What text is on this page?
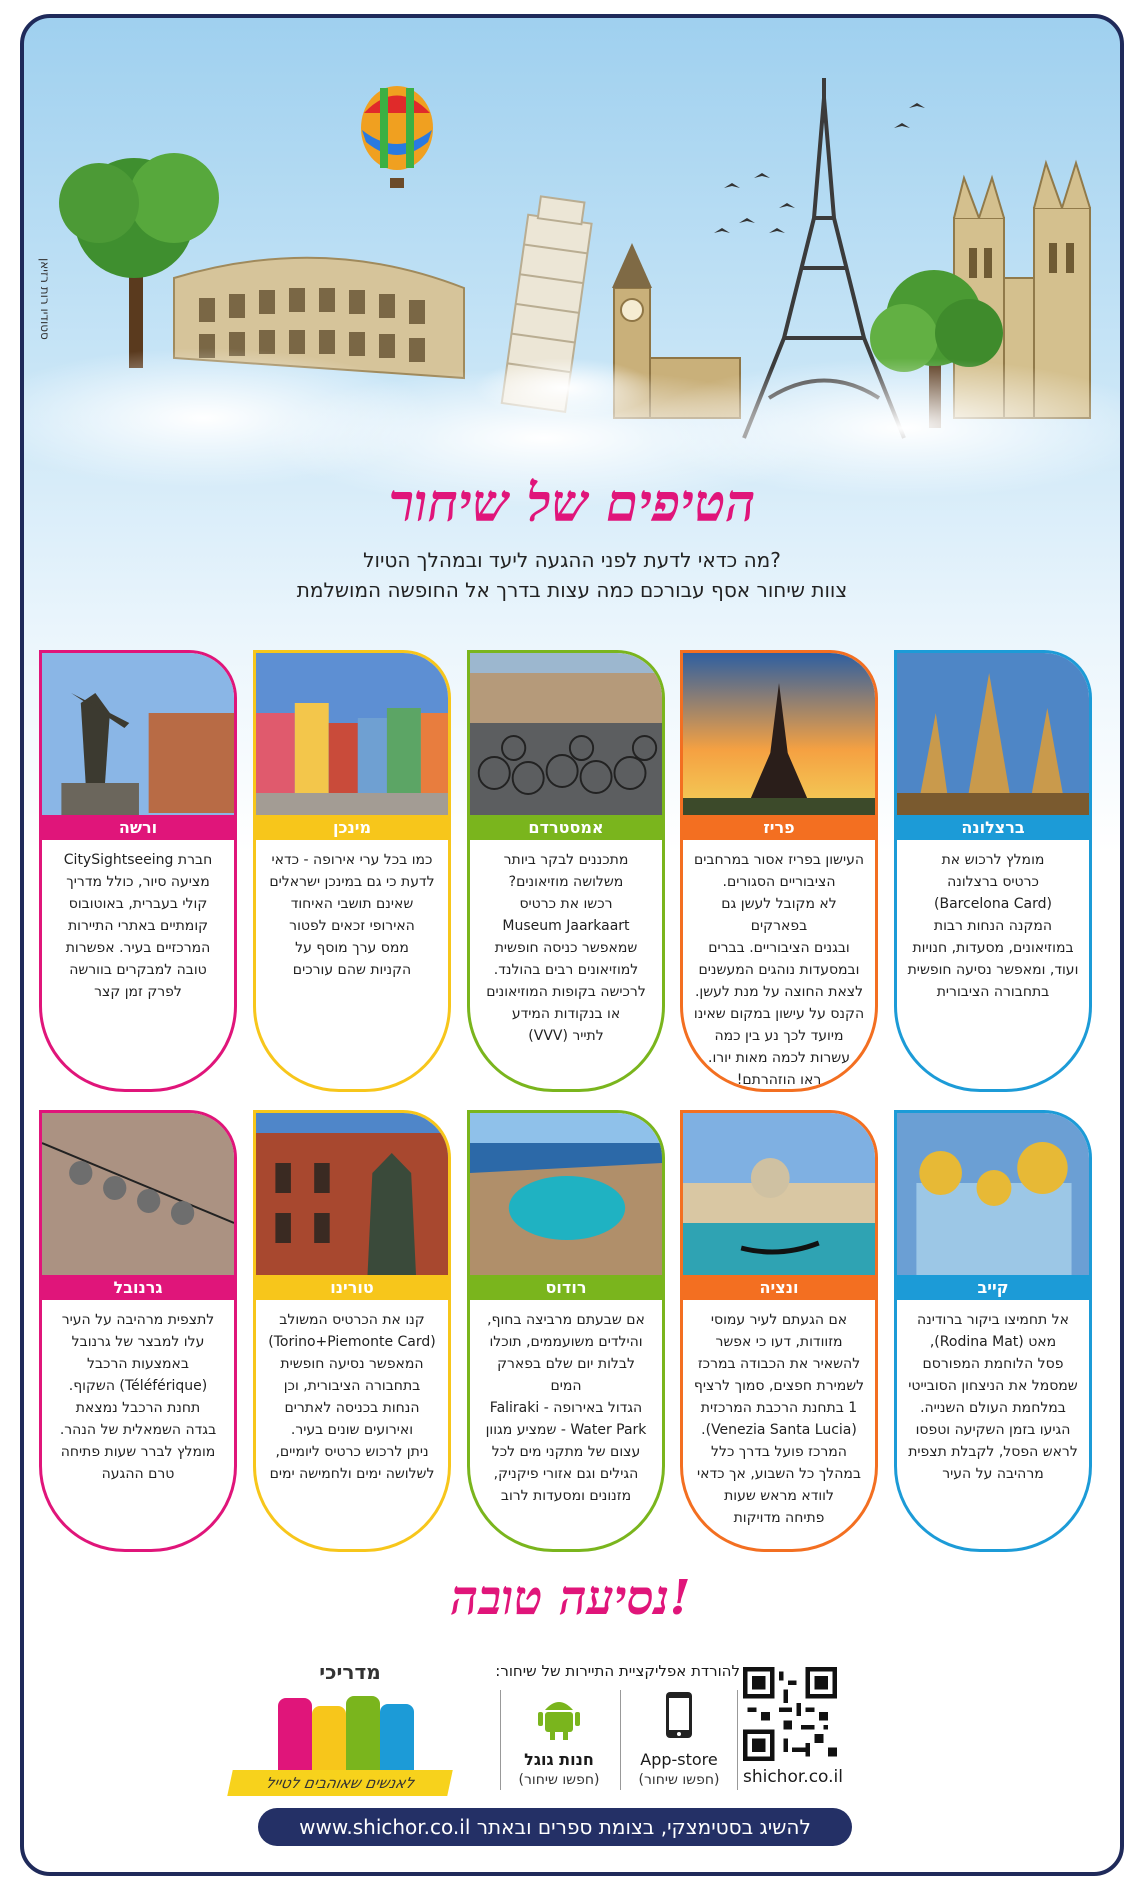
סטודיו רות רזיאן
הטיפים של שיחור
מה כדאי לדעת לפני ההגעה ליעד ובמהלך הטיול?
צוות שיחור אסף עבורכם כמה עצות בדרך אל החופשה המושלמת
ברצלונה
מומלץ לרכוש את
כרטיס ברצלונה
(Barcelona Card)
המקנה הנחות רבות
במוזיאונים, מסעדות, חנויות
ועוד, ומאפשר נסיעה חופשית
בתחבורה הציבורית
פריז
העישון בפריז אסור במרחבים
הציבוריים הסגורים.
לא מקובל לעשן גם בפארקים
ובגנים הציבוריים. בברים
ובמסעדות נוהגים המעשנים
לצאת החוצה על מנת לעשן.
הקנס על עישון במקום שאינו
מיועד לכך נע בין כמה
עשרות לכמה מאות יורו.
ראו הוזהרתם!
אמסטרדם
מתכננים לבקר ביותר
משלושה מוזיאונים?
רכשו את כרטיס
Museum Jaarkaart
שמאפשר כניסה חופשית
למוזיאונים רבים בהולנד.
לרכישה בקופות המוזיאונים
או בנקודות המידע
לתייר (VVV)
מינכן
כמו בכל ערי אירופה - כדאי
לדעת כי גם במינכן ישראלים
שאינם תושבי האיחוד
האירופי זכאים לפטור
ממס ערך מוסף על
הקניות שהם עורכים
ורשה
חברת CitySightseeing
מציעה סיור, כולל מדריך
קולי בעברית, באוטובוס
קומתיים באתרי התיירות
המרכזיים בעיר. אפשרות
טובה למבקרים בוורשה
לפרק זמן קצר
קייב
אל תחמיצו ביקור ברודינה
מאט (Rodina Mat),
פסל הלוחמת המפורסם
שמסמל את הניצחון הסובייטי
במלחמת העולם השנייה.
הגיעו בזמן השקיעה וטפסו
לראש הפסל, לקבלת תצפית
מרהיבה על העיר
ונציה
אם הגעתם לעיר עמוסי
מזוודות, דעו כי אפשר
להשאיר את הכבודה במרכז
לשמירת חפצים, סמוך לרציף
1 בתחנת הרכבת המרכזית
(Venezia Santa Lucia).
המרכז פועל בדרך כלל
במהלך כל השבוע, אך כדאי
לוודא מראש שעות
פתיחה מדויקות
רודוס
אם שבעתם מרביצה בחוף,
והילדים משועממים, תוכלו
לבלות יום שלם בפארק המים
הגדול באירופה - Faliraki
Water Park - שמציע מגוון
עצום של מתקני מים לכל
הגילים וגם אזורי פיקניק,
מזנונים ומסעדות לרוב
טורינו
קנו את הכרטיס המשולב
(Torino+Piemonte Card)
המאפשר נסיעה חופשית
בתחבורה הציבורית, וכן
הנחות בכניסה לאתרים
ואירועים שונים בעיר.
ניתן לרכוש כרטיס ליומיים,
לשלושה ימים ולחמישה ימים
גרנובל
לתצפית מרהיבה על העיר
עלו למבצר של גרנובל
באמצעות הרכבל
(Téléférique) השקוף.
תחנת הרכבל נמצאת
בגדה השמאלית של הנהר.
מומלץ לברר שעות פתיחה
טרם ההגעה
נסיעה טובה!
להורדת אפליקציית התיירות של שיחור:
App-store
(חפשו שיחור)
חנות גוגל
(חפשו שיחור)	shichor.co.il
מדריכי
לאנשים שאוהבים לטייל
להשיג בסטימצקי, בצומת ספרים ובאתר www.shichor.co.il
